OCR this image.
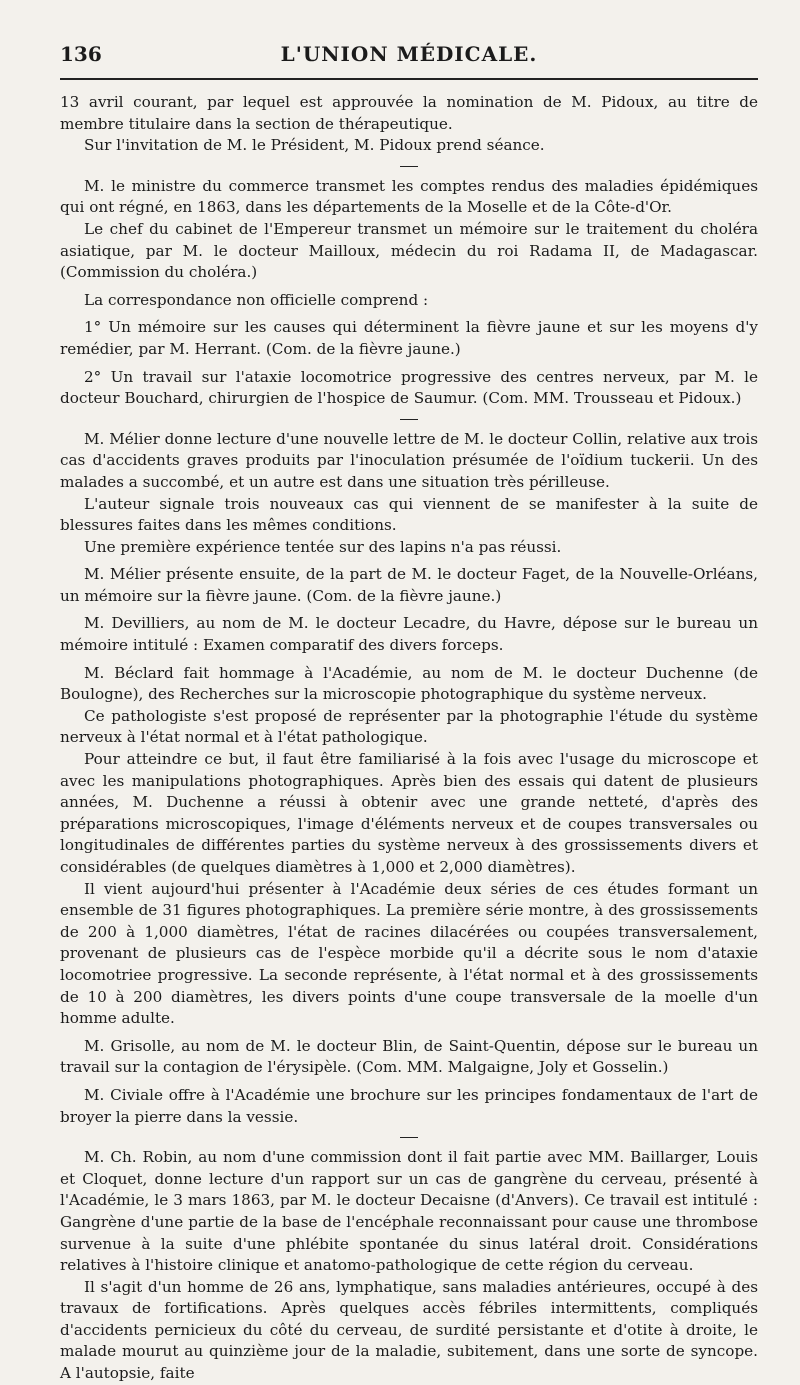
136	L'UNION MÉDICALE.

13 avril courant, par lequel est approuvée la nomination de M. Pidoux, au titre de membre titulaire dans la section de thérapeutique.

Sur l'invitation de M. le Président, M. Pidoux prend séance.

M. le ministre du commerce transmet les comptes rendus des maladies épidémiques qui ont régné, en 1863, dans les départements de la Moselle et de la Côte-d'Or.

Le chef du cabinet de l'Empereur transmet un mémoire sur le traitement du choléra asiatique, par M. le docteur Mailloux, médecin du roi Radama II, de Madagascar. (Commission du choléra.)

La correspondance non officielle comprend :

1° Un mémoire sur les causes qui déterminent la fièvre jaune et sur les moyens d'y remédier, par M. Herrant. (Com. de la fièvre jaune.)

2° Un travail sur l'ataxie locomotrice progressive des centres nerveux, par M. le docteur Bouchard, chirurgien de l'hospice de Saumur. (Com. MM. Trousseau et Pidoux.)

M. Mélier donne lecture d'une nouvelle lettre de M. le docteur Collin, relative aux trois cas d'accidents graves produits par l'inoculation présumée de l'oïdium tuckerii. Un des malades a succombé, et un autre est dans une situation très périlleuse.

L'auteur signale trois nouveaux cas qui viennent de se manifester à la suite de blessures faites dans les mêmes conditions.

Une première expérience tentée sur des lapins n'a pas réussi.

M. Mélier présente ensuite, de la part de M. le docteur Faget, de la Nouvelle-Orléans, un mémoire sur la fièvre jaune. (Com. de la fièvre jaune.)

M. Devilliers, au nom de M. le docteur Lecadre, du Havre, dépose sur le bureau un mémoire intitulé : Examen comparatif des divers forceps.

M. Béclard fait hommage à l'Académie, au nom de M. le docteur Duchenne (de Boulogne), des Recherches sur la microscopie photographique du système nerveux.

Ce pathologiste s'est proposé de représenter par la photographie l'étude du système nerveux à l'état normal et à l'état pathologique.

Pour atteindre ce but, il faut être familiarisé à la fois avec l'usage du microscope et avec les manipulations photographiques. Après bien des essais qui datent de plusieurs années, M. Duchenne a réussi à obtenir avec une grande netteté, d'après des préparations microscopiques, l'image d'éléments nerveux et de coupes transversales ou longitudinales de différentes parties du système nerveux à des grossissements divers et considérables (de quelques diamètres à 1,000 et 2,000 diamètres).

Il vient aujourd'hui présenter à l'Académie deux séries de ces études formant un ensemble de 31 figures photographiques. La première série montre, à des grossissements de 200 à 1,000 diamètres, l'état de racines dilacérées ou coupées transversalement, provenant de plusieurs cas de l'espèce morbide qu'il a décrite sous le nom d'ataxie locomotriee progressive. La seconde représente, à l'état normal et à des grossissements de 10 à 200 diamètres, les divers points d'une coupe transversale de la moelle d'un homme adulte.

M. Grisolle, au nom de M. le docteur Blin, de Saint-Quentin, dépose sur le bureau un travail sur la contagion de l'érysipèle. (Com. MM. Malgaigne, Joly et Gosselin.)

M. Civiale offre à l'Académie une brochure sur les principes fondamentaux de l'art de broyer la pierre dans la vessie.

M. Ch. Robin, au nom d'une commission dont il fait partie avec MM. Baillarger, Louis et Cloquet, donne lecture d'un rapport sur un cas de gangrène du cerveau, présenté à l'Académie, le 3 mars 1863, par M. le docteur Decaisne (d'Anvers). Ce travail est intitulé : Gangrène d'une partie de la base de l'encéphale reconnaissant pour cause une thrombose survenue à la suite d'une phlébite spontanée du sinus latéral droit. Considérations relatives à l'histoire clinique et anatomo-pathologique de cette région du cerveau.

Il s'agit d'un homme de 26 ans, lymphatique, sans maladies antérieures, occupé à des travaux de fortifications. Après quelques accès fébriles intermittents, compliqués d'accidents pernicieux du côté du cerveau, de surdité persistante et d'otite à droite, le malade mourut au quinzième jour de la maladie, subitement, dans une sorte de syncope. A l'autopsie, faite
